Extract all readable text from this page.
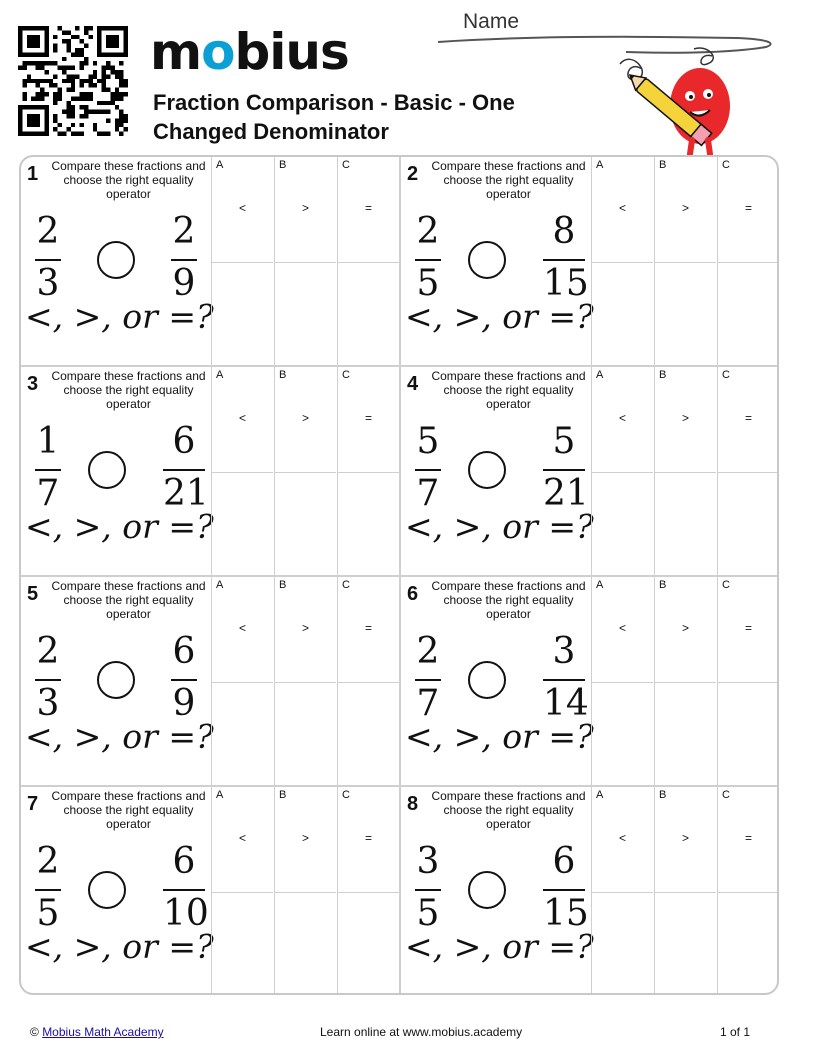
mobius
Name
Fraction Comparison - Basic - One Changed Denominator
1 Compare these fractions and choose the right equality operator
2
3
2
9
<, >, or =?
A
<
B
>
C
=
2 Compare these fractions and choose the right equality operator
2
5
8
15
<, >, or =?
A
<
B
>
C
=
3 Compare these fractions and choose the right equality operator
1
7
6
21
<, >, or =?
A
<
B
>
C
=
4 Compare these fractions and choose the right equality operator
5
7
5
21
<, >, or =?
A
<
B
>
C
=
5 Compare these fractions and choose the right equality operator
2
3
6
9
<, >, or =?
A
<
B
>
C
=
6 Compare these fractions and choose the right equality operator
2
7
3
14
<, >, or =?
A
<
B
>
C
=
7 Compare these fractions and choose the right equality operator
2
5
6
10
<, >, or =?
A
<
B
>
C
=
8 Compare these fractions and choose the right equality operator
3
5
6
15
<, >, or =?
A
<
B
>
C
=
© Mobius Math Academy	Learn online at www.mobius.academy	1 of 1
